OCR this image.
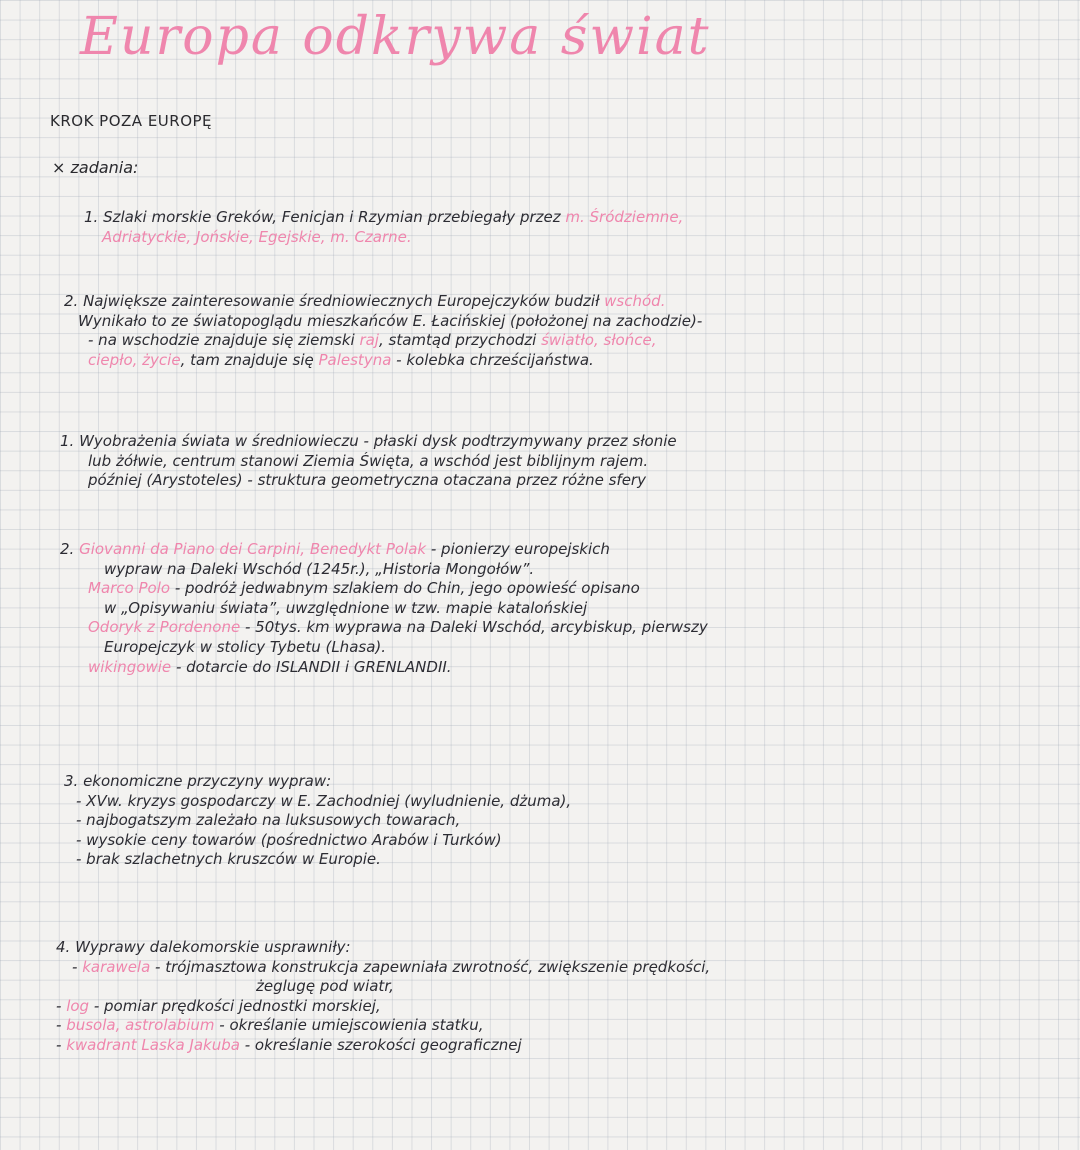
Europa odkrywa świat
KROK POZA EUROPĘ
× zadania:
1. Szlaki morskie Greków, Fenicjan i Rzymian przebiegały przez m. Śródziemne,
Adriatyckie, Jońskie, Egejskie, m. Czarne.
2. Największe zainteresowanie średniowiecznych Europejczyków budził wschód.
Wynikało to ze światopoglądu mieszkańców E. Łacińskiej (położonej na zachodzie)-
- na wschodzie znajduje się ziemski raj, stamtąd przychodzi światło, słońce,
ciepło, życie, tam znajduje się Palestyna - kolebka chrześcijaństwa.
1. Wyobrażenia świata w średniowieczu - płaski dysk podtrzymywany przez słonie
lub żółwie, centrum stanowi Ziemia Święta, a wschód jest biblijnym rajem.
później (Arystoteles) - struktura geometryczna otaczana przez różne sfery
2. Giovanni da Piano dei Carpini, Benedykt Polak - pionierzy europejskich
wypraw na Daleki Wschód (1245r.), „Historia Mongołów”.
Marco Polo - podróż jedwabnym szlakiem do Chin, jego opowieść opisano
w „Opisywaniu świata”, uwzględnione w tzw. mapie katalońskiej
Odoryk z Pordenone - 50tys. km wyprawa na Daleki Wschód, arcybiskup, pierwszy
Europejczyk w stolicy Tybetu (Lhasa).
wikingowie - dotarcie do ISLANDII i GRENLANDII.
3. ekonomiczne przyczyny wypraw:
- XVw. kryzys gospodarczy w E. Zachodniej (wyludnienie, dżuma),
- najbogatszym zależało na luksusowych towarach,
- wysokie ceny towarów (pośrednictwo Arabów i Turków)
- brak szlachetnych kruszców w Europie.
4. Wyprawy dalekomorskie usprawniły:
- karawela - trójmasztowa konstrukcja zapewniała zwrotność, zwiększenie prędkości,
żeglugę pod wiatr,
- log - pomiar prędkości jednostki morskiej,
- busola, astrolabium - określanie umiejscowienia statku,
- kwadrant Laska Jakuba - określanie szerokości geograficznej
